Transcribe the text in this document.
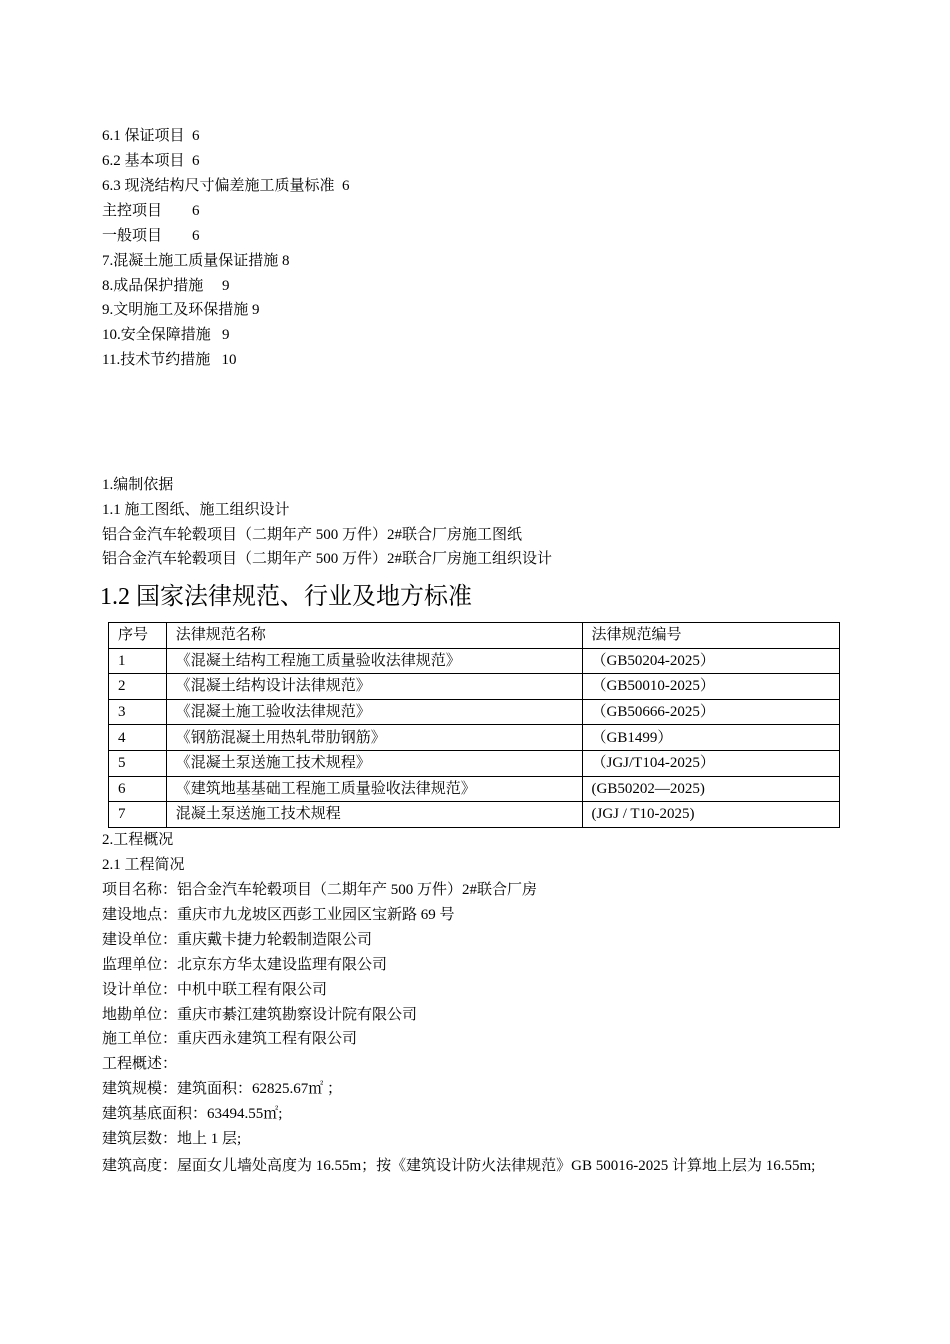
6.1 保证项目 6
6.2 基本项目 6
6.3 现浇结构尺寸偏差施工质量标准 6
主控项目 6
一般项目 6
7.混凝土施工质量保证措施 8
8.成品保护措施 9
9.文明施工及环保措施 9
10.安全保障措施 9
11.技术节约措施 10
1.编制依据
1.1 施工图纸、施工组织设计
铝合金汽车轮毂项目（二期年产 500 万件）2#联合厂房施工图纸
铝合金汽车轮毂项目（二期年产 500 万件）2#联合厂房施工组织设计
1.2 国家法律规范、行业及地方标准
序号	法律规范名称	法律规范编号
1	《混凝土结构工程施工质量验收法律规范》	（GB50204-2025）
2	《混凝土结构设计法律规范》	（GB50010-2025）
3	《混凝土施工验收法律规范》	（GB50666-2025）
4	《钢筋混凝土用热轧带肋钢筋》	（GB1499）
5	《混凝土泵送施工技术规程》	（JGJ/T104-2025）
6	《建筑地基基础工程施工质量验收法律规范》	(GB50202—2025)
7	混凝土泵送施工技术规程	(JGJ / T10-2025)
2.工程概况
2.1 工程简况
项目名称：铝合金汽车轮毂项目（二期年产 500 万件）2#联合厂房
建设地点：重庆市九龙坡区西彭工业园区宝新路 69 号
建设单位：重庆戴卡捷力轮毂制造限公司
监理单位：北京东方华太建设监理有限公司
设计单位：中机中联工程有限公司
地勘单位：重庆市綦江建筑勘察设计院有限公司
施工单位：重庆西永建筑工程有限公司
工程概述：
建筑规模：建筑面积：62825.67㎡ ；
建筑基底面积：63494.55㎡;
建筑层数：地上 1 层;
建筑高度：屋面女儿墙处高度为 16.55m；按《建筑设计防火法律规范》GB 50016-2025 计算地上层为 16.55m;
